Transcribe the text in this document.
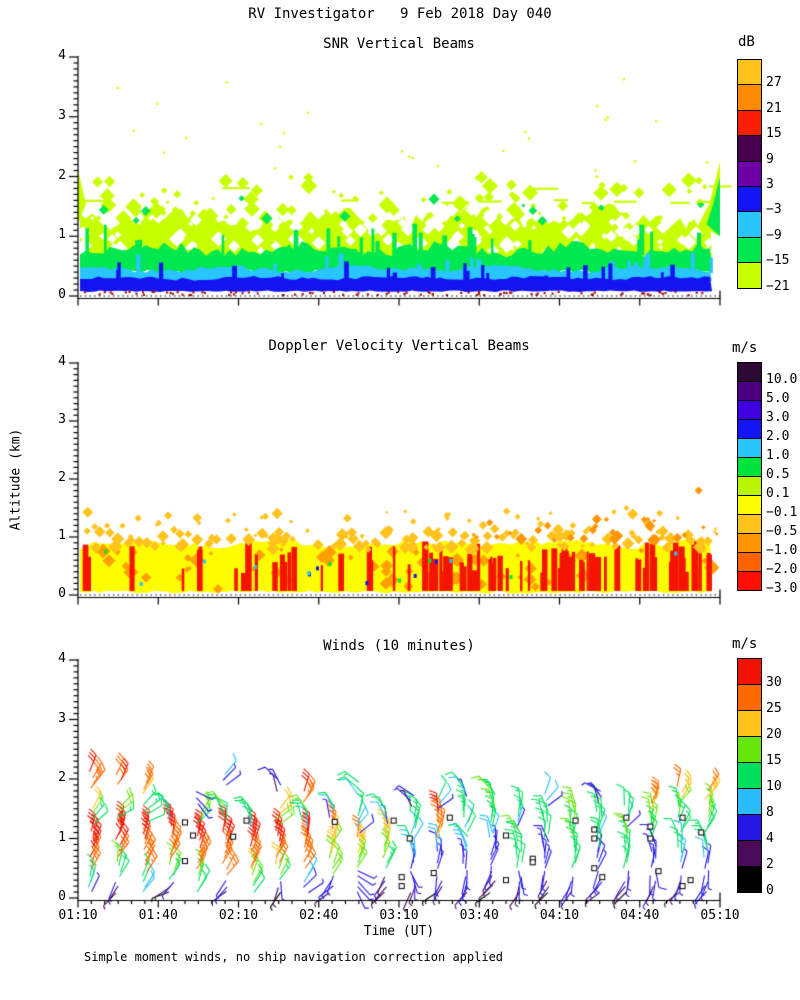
RV Investigator   9 Feb 2018 Day 040
SNR Vertical Beams
Doppler Velocity Vertical Beams
Winds (10 minutes)
dB
m/s
m/s
27
21
15
9
3
−3
−9
−15
−21
10.0
5.0
3.0
2.0
1.0
0.5
0.1
−0.1
−0.5
−1.0
−2.0
−3.0
30
25
20
15
10
8
4
2
0
Altitude (km)
Time (UT)
Simple moment winds, no ship navigation correction applied
0
1
2
3
4
0
1
2
3
4
0
1
2
3
4
01:10	01:40	02:10	02:40	03:10	03:40	04:10	04:40	05:10
